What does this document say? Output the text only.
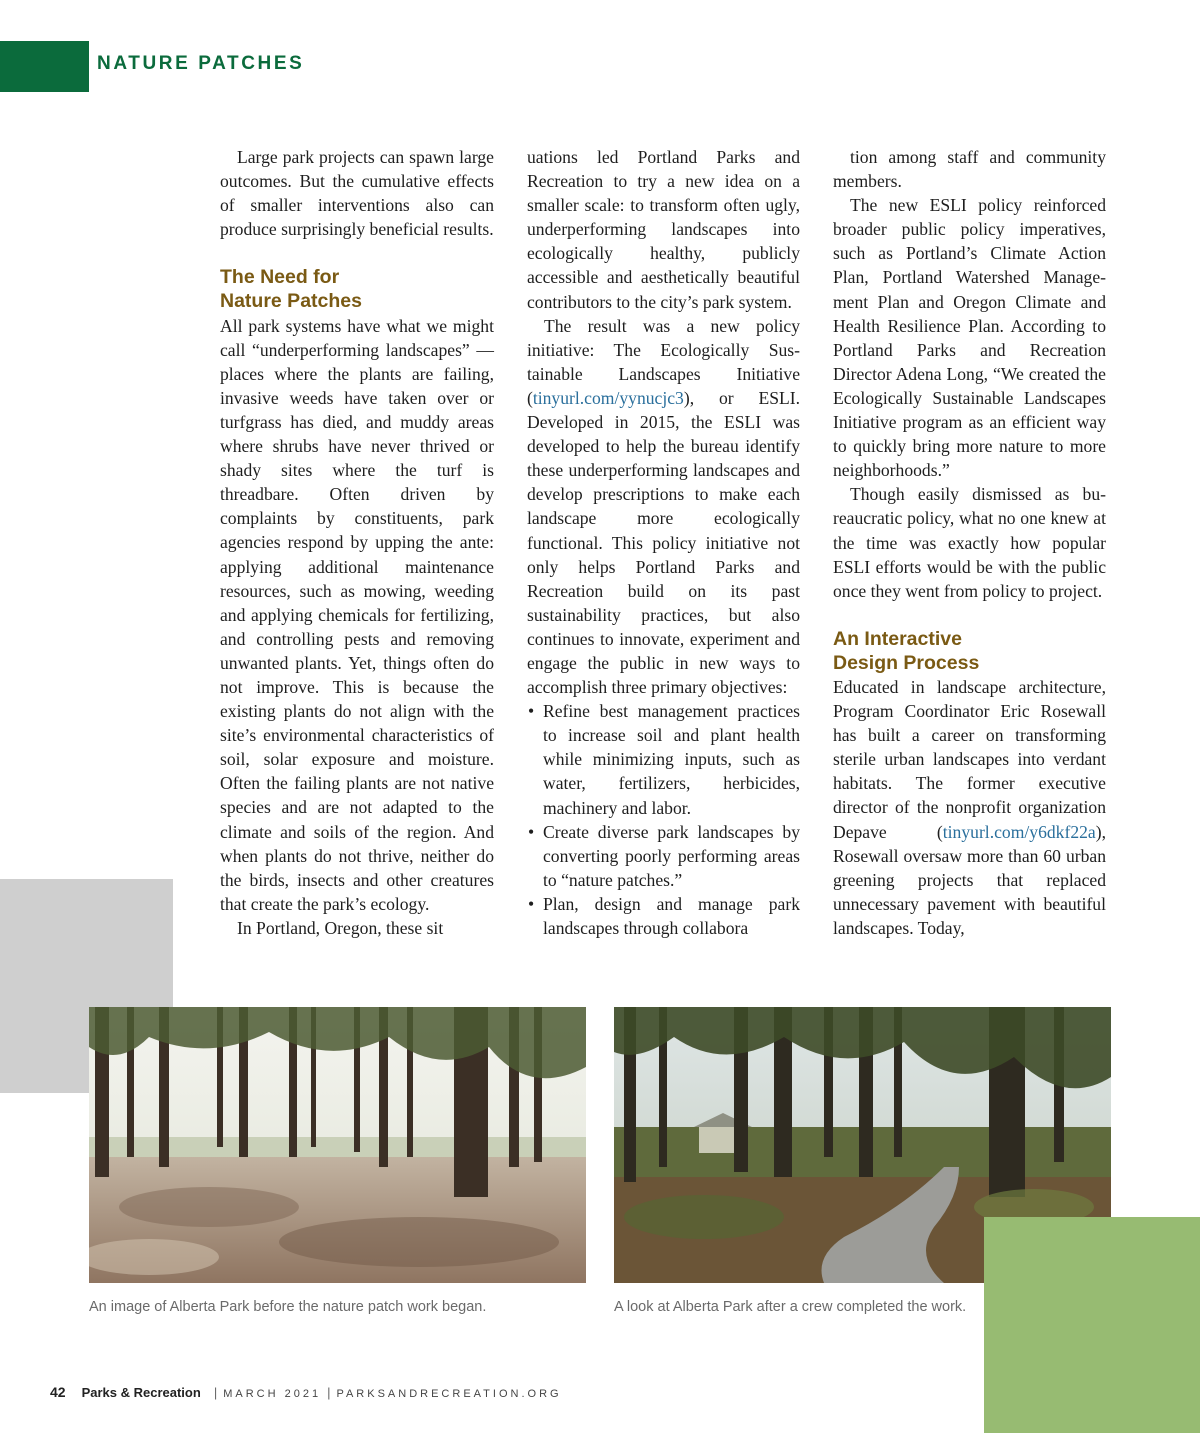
NATURE PATCHES

Large park projects can spawn large outcomes. But the cumulative effects of smaller interventions also can produce surprisingly beneficial results.

The Need for
Nature Patches

All park systems have what we might call “underperforming landscapes” — places where the plants are failing, invasive weeds have taken over or turfgrass has died, and muddy areas where shrubs have never thrived or shady sites where the turf is threadbare. Often driven by complaints by constituents, park agencies respond by upping the ante: applying additional maintenance resources, such as mowing, weeding and applying chemicals for fertilizing, and controlling pests and removing unwanted plants. Yet, things often do not improve. This is because the existing plants do not align with the site’s environmental characteristics of soil, solar exposure and moisture. Often the failing plants are not native species and are not adapted to the climate and soils of the region. And when plants do not thrive, neither do the birds, insects and other creatures that create the park’s ecology.

In Portland, Oregon, these sit

uations led Portland Parks and Recreation to try a new idea on a smaller scale: to transform often ugly, underperforming landscapes into ecologically healthy, publicly accessible and aesthetically beautiful contributors to the city’s park system.

The result was a new policy initiative: The Ecologically Sustainable Landscapes Initiative (tinyurl.com/yynucjc3), or ESLI. Developed in 2015, the ESLI was developed to help the bureau identify these underperforming landscapes and develop prescriptions to make each landscape more ecologically functional. This policy initiative not only helps Portland Parks and Recreation build on its past sustainability practices, but also continues to innovate, experiment and engage the public in new ways to accomplish three primary objectives:

• Refine best management practices to increase soil and plant health while minimizing inputs, such as water, fertilizers, herbicides, machinery and labor.
• Create diverse park landscapes by converting poorly performing areas to “nature patches.”
• Plan, design and manage park landscapes through collabora

tion among staff and community members.

The new ESLI policy reinforced broader public policy imperatives, such as Portland’s Climate Action Plan, Portland Watershed Management Plan and Oregon Climate and Health Resilience Plan. According to Portland Parks and Recreation Director Adena Long, “We created the Ecologically Sustainable Landscapes Initiative program as an efficient way to quickly bring more nature to more neighborhoods.”

Though easily dismissed as bureaucratic policy, what no one knew at the time was exactly how popular ESLI efforts would be with the public once they went from policy to project.

An Interactive
Design Process

Educated in landscape architecture, Program Coordinator Eric Rosewall has built a career on transforming sterile urban landscapes into verdant habitats. The former executive director of the nonprofit organization Depave (tinyurl.com/y6dkf22a), Rosewall oversaw more than 60 urban greening projects that replaced unnecessary pavement with beautiful landscapes. Today,

An image of Alberta Park before the nature patch work began.	A look at Alberta Park after a crew completed the work.
42 Parks & Recreation | MARCH 2021 | PARKSANDRECREATION.ORG
